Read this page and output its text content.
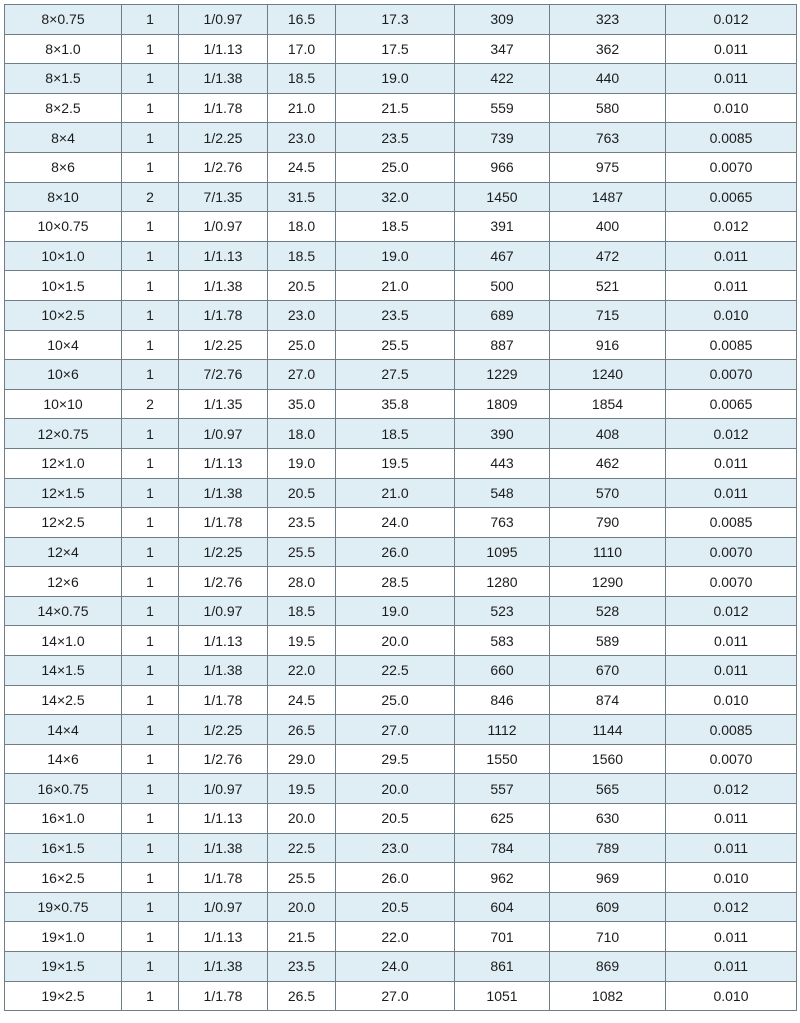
8×0.75	1	1/0.97	16.5	17.3	309	323	0.012
8×1.0	1	1/1.13	17.0	17.5	347	362	0.011
8×1.5	1	1/1.38	18.5	19.0	422	440	0.011
8×2.5	1	1/1.78	21.0	21.5	559	580	0.010
8×4	1	1/2.25	23.0	23.5	739	763	0.0085
8×6	1	1/2.76	24.5	25.0	966	975	0.0070
8×10	2	7/1.35	31.5	32.0	1450	1487	0.0065
10×0.75	1	1/0.97	18.0	18.5	391	400	0.012
10×1.0	1	1/1.13	18.5	19.0	467	472	0.011
10×1.5	1	1/1.38	20.5	21.0	500	521	0.011
10×2.5	1	1/1.78	23.0	23.5	689	715	0.010
10×4	1	1/2.25	25.0	25.5	887	916	0.0085
10×6	1	7/2.76	27.0	27.5	1229	1240	0.0070
10×10	2	1/1.35	35.0	35.8	1809	1854	0.0065
12×0.75	1	1/0.97	18.0	18.5	390	408	0.012
12×1.0	1	1/1.13	19.0	19.5	443	462	0.011
12×1.5	1	1/1.38	20.5	21.0	548	570	0.011
12×2.5	1	1/1.78	23.5	24.0	763	790	0.0085
12×4	1	1/2.25	25.5	26.0	1095	1110	0.0070
12×6	1	1/2.76	28.0	28.5	1280	1290	0.0070
14×0.75	1	1/0.97	18.5	19.0	523	528	0.012
14×1.0	1	1/1.13	19.5	20.0	583	589	0.011
14×1.5	1	1/1.38	22.0	22.5	660	670	0.011
14×2.5	1	1/1.78	24.5	25.0	846	874	0.010
14×4	1	1/2.25	26.5	27.0	1112	1144	0.0085
14×6	1	1/2.76	29.0	29.5	1550	1560	0.0070
16×0.75	1	1/0.97	19.5	20.0	557	565	0.012
16×1.0	1	1/1.13	20.0	20.5	625	630	0.011
16×1.5	1	1/1.38	22.5	23.0	784	789	0.011
16×2.5	1	1/1.78	25.5	26.0	962	969	0.010
19×0.75	1	1/0.97	20.0	20.5	604	609	0.012
19×1.0	1	1/1.13	21.5	22.0	701	710	0.011
19×1.5	1	1/1.38	23.5	24.0	861	869	0.011
19×2.5	1	1/1.78	26.5	27.0	1051	1082	0.010
